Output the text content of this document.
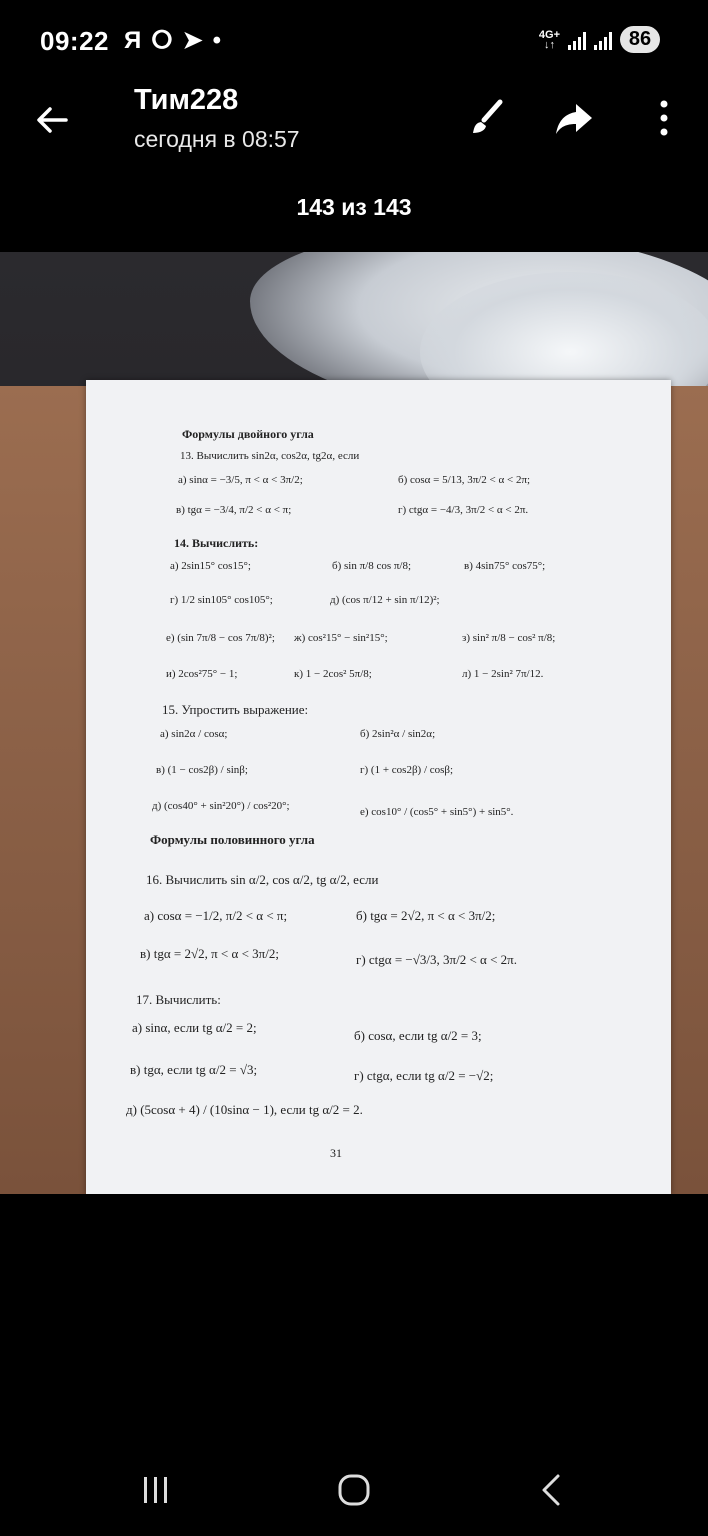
09:22 Я ⵔ ➤ •	4G+
↓↑	86
Тим228
сегодня в 08:57
143 из 143
Формулы двойного угла
13. Вычислить sin2α, cos2α, tg2α, если
а) sinα = −3/5, π < α < 3π/2;	б) cosα = 5/13, 3π/2 < α < 2π;
в) tgα = −3/4, π/2 < α < π;	г) ctgα = −4/3, 3π/2 < α < 2π.
14. Вычислить:
а) 2sin15° cos15°;	б) sin π/8 cos π/8;	в) 4sin75° cos75°;
г) 1/2 sin105° cos105°;	д) (cos π/12 + sin π/12)²;
е) (sin 7π/8 − cos 7π/8)²; ж) cos²15° − sin²15°;	з) sin² π/8 − cos² π/8;
и) 2cos²75° − 1;	к) 1 − 2cos² 5π/8;	л) 1 − 2sin² 7π/12.
15. Упростить выражение:
а) sin2α / cosα;	б) 2sin²α / sin2α;
в) (1 − cos2β) / sinβ;	г) (1 + cos2β) / cosβ;
д) (cos40° + sin²20°) / cos²20°;	е) cos10° / (cos5° + sin5°) + sin5°.
Формулы половинного угла
16. Вычислить sin α/2, cos α/2, tg α/2, если
а) cosα = −1/2, π/2 < α < π;	б) tgα = 2√2, π < α < 3π/2;
в) tgα = 2√2, π < α < 3π/2;	г) ctgα = −√3/3, 3π/2 < α < 2π.
17. Вычислить:
а) sinα, если tg α/2 = 2;
б) cosα, если tg α/2 = 3;
в) tgα, если tg α/2 = √3;	г) ctgα, если tg α/2 = −√2;
д) (5cosα + 4) / (10sinα − 1), если tg α/2 = 2.
31
